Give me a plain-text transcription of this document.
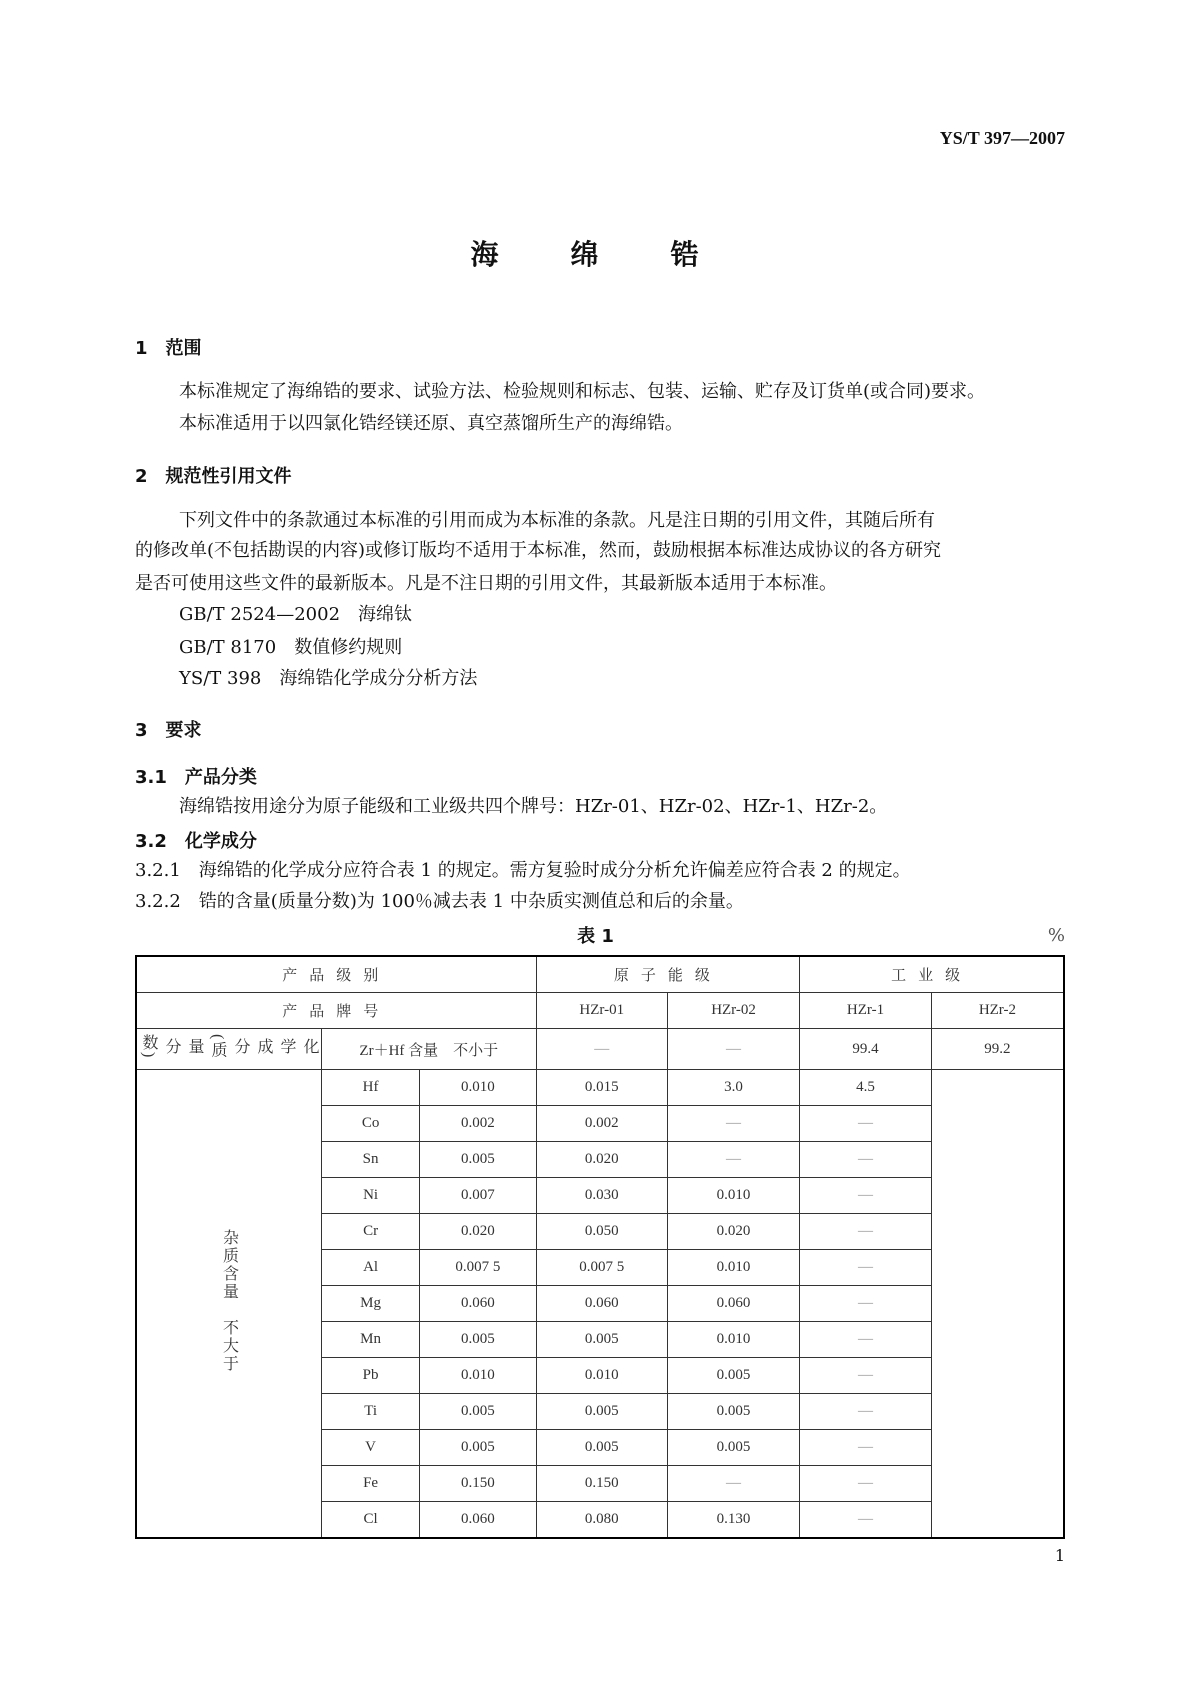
YS/T 397—2007
海　绵　锆
1　范围
本标准规定了海绵锆的要求、试验方法、检验规则和标志、包装、运输、贮存及订货单(或合同)要求。
本标准适用于以四氯化锆经镁还原、真空蒸馏所生产的海绵锆。
2　规范性引用文件
下列文件中的条款通过本标准的引用而成为本标准的条款。凡是注日期的引用文件，其随后所有
的修改单(不包括勘误的内容)或修订版均不适用于本标准，然而，鼓励根据本标准达成协议的各方研究
是否可使用这些文件的最新版本。凡是不注日期的引用文件，其最新版本适用于本标准。
GB/T 2524—2002　海绵钛
GB/T 8170　数值修约规则
YS/T 398　海绵锆化学成分分析方法
3　要求
3.1　产品分类
海绵锆按用途分为原子能级和工业级共四个牌号：HZr-01、HZr-02、HZr-1、HZr-2。
3.2　化学成分
3.2.1　海绵锆的化学成分应符合表 1 的规定。需方复验时成分分析允许偏差应符合表 2 的规定。
3.2.2　锆的含量(质量分数)为 100％减去表 1 中杂质实测值总和后的余量。
表 1	%
产品级别			原子能级		工业级	
产品牌号			HZr-01	HZr-02	HZr-1	HZr-2
化学成分(质量分数)	Zr＋Hf 含量　不小于		—	—	99.4	99.2
杂质含量　不大于	Hf	0.010	0.015	3.0	4.5	
	Co	0.002	0.002	—	—	
	Sn	0.005	0.020	—	—	
	Ni	0.007	0.030	0.010	—	
	Cr	0.020	0.050	0.020	—	
	Al	0.007 5	0.007 5	0.010	—	
	Mg	0.060	0.060	0.060	—	
	Mn	0.005	0.005	0.010	—	
	Pb	0.010	0.010	0.005	—	
	Ti	0.005	0.005	0.005	—	
	V	0.005	0.005	0.005	—	
	Fe	0.150	0.150	—	—	
	Cl	0.060	0.080	0.130	—	
1
